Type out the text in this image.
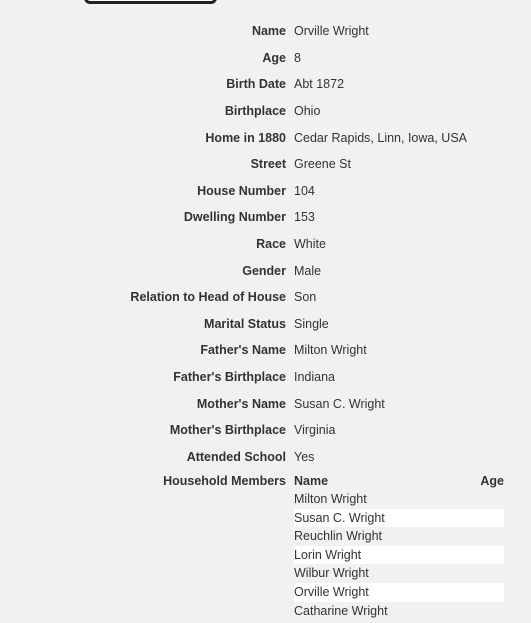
Name Orville Wright
Age 8
Birth Date Abt 1872
Birthplace Ohio
Home in 1880 Cedar Rapids, Linn, Iowa, USA
Street Greene St
House Number 104
Dwelling Number 153
Race White
Gender Male
Relation to Head of House Son
Marital Status Single
Father's Name Milton Wright
Father's Birthplace Indiana
Mother's Name Susan C. Wright
Mother's Birthplace Virginia
Attended School Yes
Household Members Name	Age
Milton Wright	
Susan C. Wright	
Reuchlin Wright	
Lorin Wright	
Wilbur Wright	
Orville Wright	
Catharine Wright	
